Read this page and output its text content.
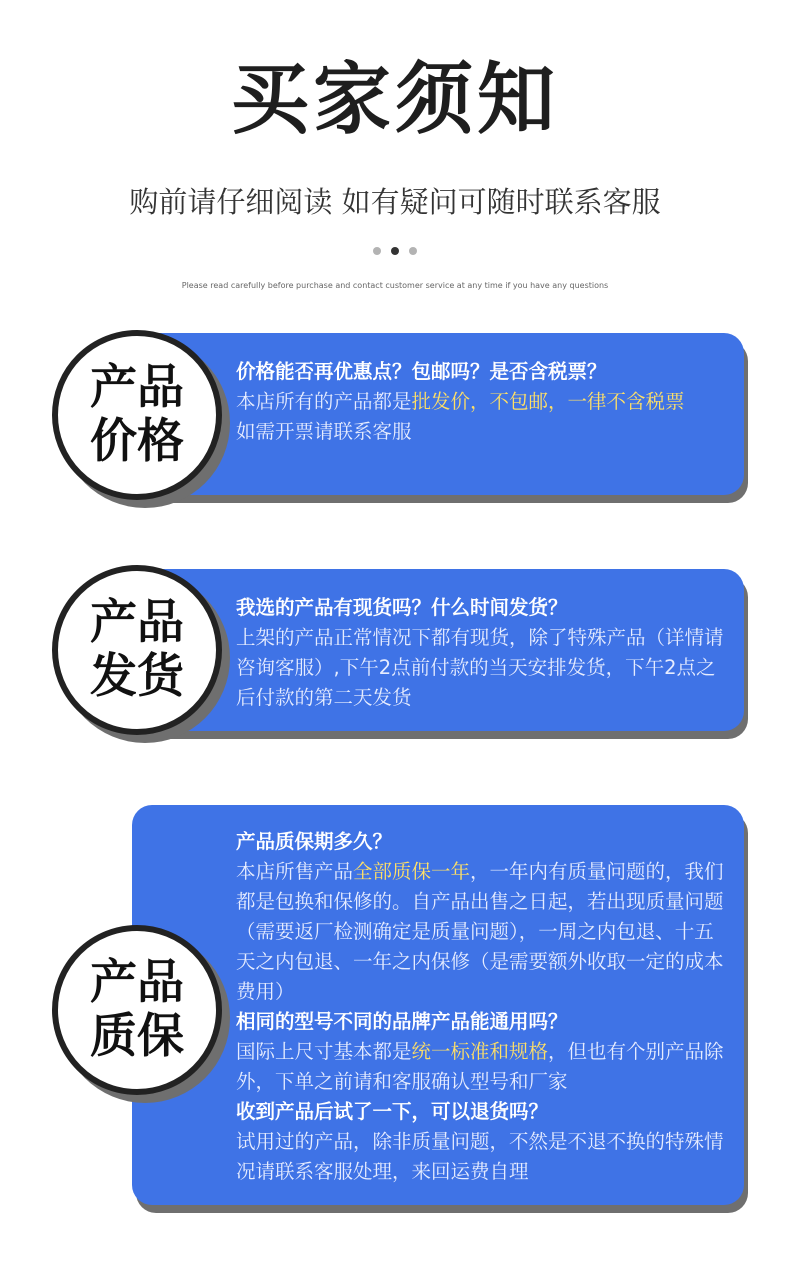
买家须知
购前请仔细阅读 如有疑问可随时联系客服
Please read carefully before purchase and contact customer service at any time if you have any questions

价格能否再优惠点？包邮吗？是否含税票？

本店所有的产品都是批发价，不包邮，一律不含税票

如需开票请联系客服

产品
价格

我选的产品有现货吗？什么时间发货？

上架的产品正常情况下都有现货，除了特殊产品（详情请咨询客服）,下午2点前付款的当天安排发货，下午2点之后付款的第二天发货

产品
发货

产品质保期多久？

本店所售产品全部质保一年，一年内有质量问题的，我们都是包换和保修的。自产品出售之日起，若出现质量问题（需要返厂检测确定是质量问题），一周之内包退、十五天之内包退、一年之内保修（是需要额外收取一定的成本费用）

相同的型号不同的品牌产品能通用吗？

国际上尺寸基本都是统一标准和规格，但也有个别产品除外，下单之前请和客服确认型号和厂家

收到产品后试了一下，可以退货吗？

试用过的产品，除非质量问题，不然是不退不换的特殊情况请联系客服处理，来回运费自理

产品
质保
